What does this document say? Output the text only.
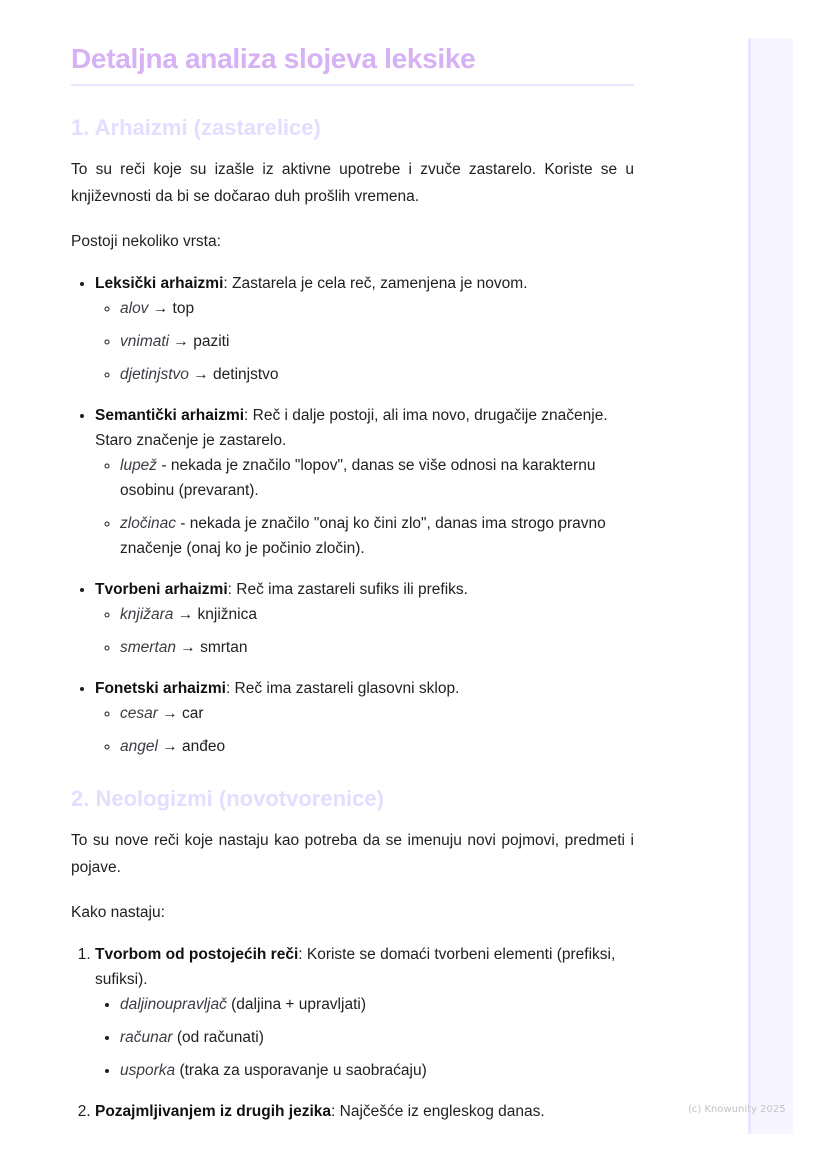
(c) Knowunity 2025
Detaljna analiza slojeva leksike
1. Arhaizmi (zastarelice)

To su reči koje su izašle iz aktivne upotrebe i zvuče zastarelo. Koriste se u književnosti da bi se dočarao duh prošlih vremena.

Postoji nekoliko vrsta:

• Leksički arhaizmi: Zastarela je cela reč, zamenjena je novom.
◦ alov → top
◦ vnimati → paziti
◦ djetinjstvo → detinjstvo
• Semantički arhaizmi: Reč i dalje postoji, ali ima novo, drugačije značenje. Staro značenje je zastarelo.
◦ lupež - nekada je značilo "lopov", danas se više odnosi na karakternu osobinu (prevarant).
◦ zločinac - nekada je značilo "onaj ko čini zlo", danas ima strogo pravno značenje (onaj ko je počinio zločin).
• Tvorbeni arhaizmi: Reč ima zastareli sufiks ili prefiks.
◦ knjižara → knjižnica
◦ smertan → smrtan
• Fonetski arhaizmi: Reč ima zastareli glasovni sklop.
◦ cesar → car
◦ angel → anđeo
2. Neologizmi (novotvorenice)

To su nove reči koje nastaju kao potreba da se imenuju novi pojmovi, predmeti i pojave.

Kako nastaju:

1. Tvorbom od postojećih reči: Koriste se domaći tvorbeni elementi (prefiksi, sufiksi).
• daljinoupravljač (daljina + upravljati)
• računar (od računati)
• usporka (traka za usporavanje u saobraćaju)
2. Pozajmljivanjem iz drugih jezika: Najčešće iz engleskog danas.
